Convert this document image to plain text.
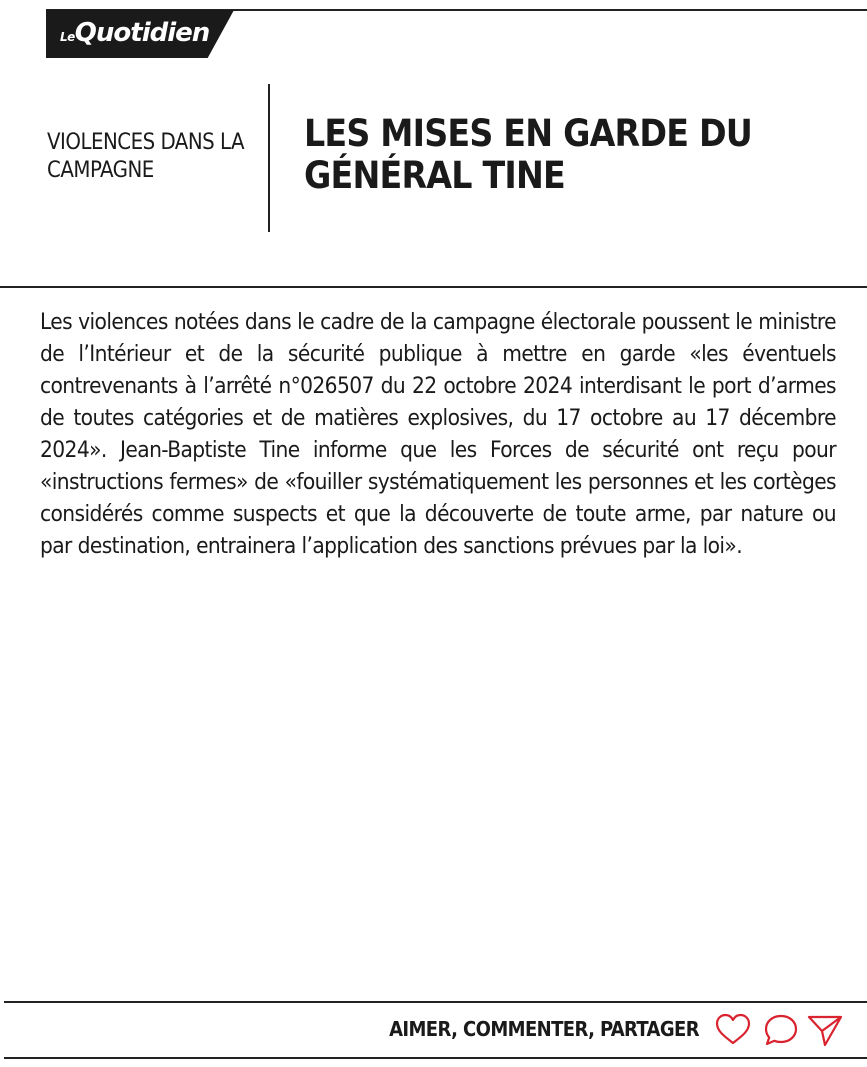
LeQuotidien
VIOLENCES DANS LA CAMPAGNE
LES MISES EN GARDE DU GÉNÉRAL TINE

Les violences notées dans le cadre de la campagne électorale poussent le ministre de l’Intérieur et de la sécurité publique à mettre en garde «les éventuels contrevenants à l’arrêté n°026507 du 22 octobre 2024 interdisant le port d’armes de toutes catégories et de matières explosives, du 17 octobre au 17 décembre 2024». Jean-Baptiste Tine informe que les Forces de sécurité ont reçu pour «instructions fermes» de «fouiller systématiquement les personnes et les cortèges considérés comme suspects et que la découverte de toute arme, par nature ou par destination, entrainera l’application des sanctions prévues par la loi».

AIMER, COMMENTER, PARTAGER
